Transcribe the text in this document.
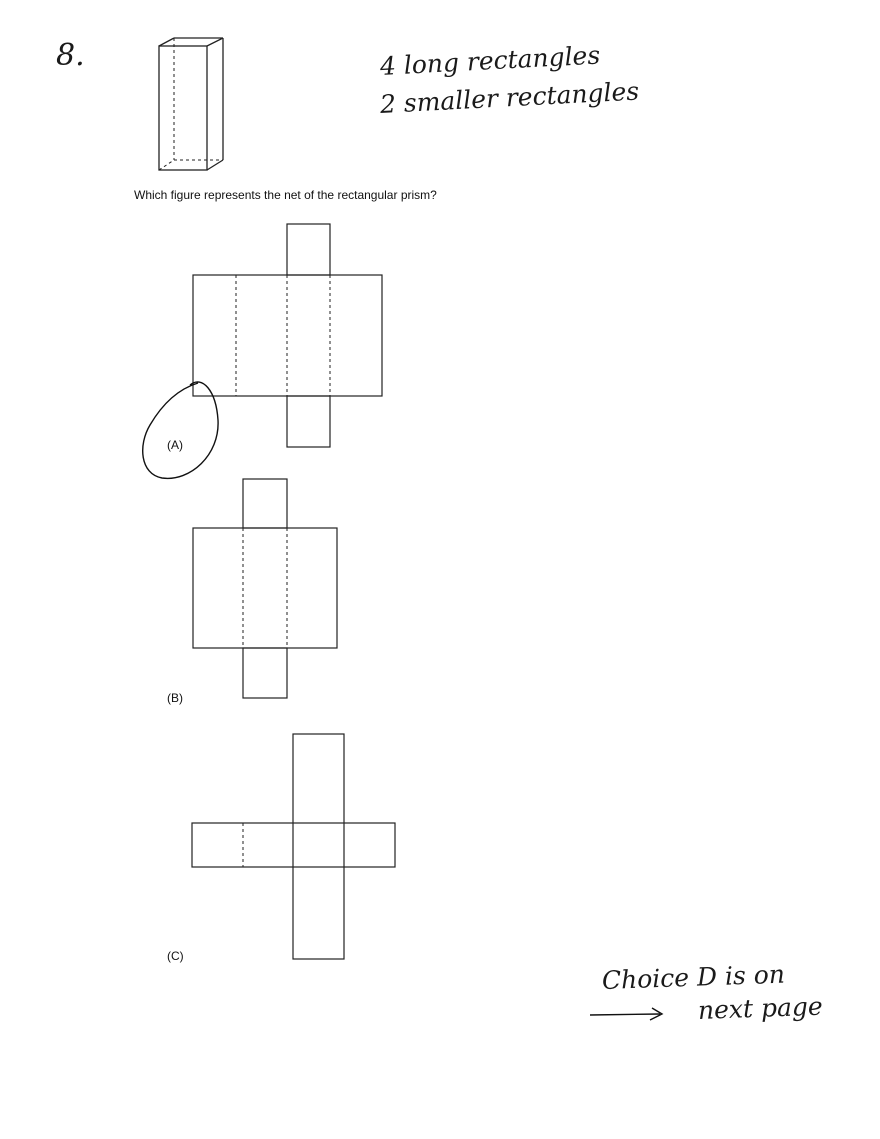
8.	4 long rectangles
2 smaller rectangles
Which figure represents the net of the rectangular prism?
(A)
(B)
(C)
Choice D is on
next page
